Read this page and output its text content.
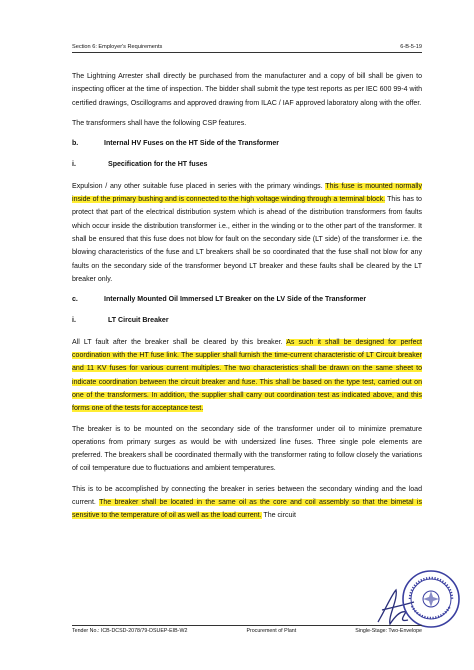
Section 6: Employer's Requirements	6-B-5-19

The Lightning Arrester shall directly be purchased from the manufacturer and a copy of bill shall be given to inspecting officer at the time of inspection. The bidder shall submit the type test reports as per IEC 600 99-4 with certified drawings, Oscillograms and approved drawing from ILAC / IAF approved laboratory along with the offer.

The transformers shall have the following CSP features.

b.	Internal HV Fuses on the HT Side of the Transformer
i.	Specification for the HT fuses

Expulsion / any other suitable fuse placed in series with the primary windings. This fuse is mounted normally inside of the primary bushing and is connected to the high voltage winding through a terminal block. This has to protect that part of the electrical distribution system which is ahead of the distribution transformers from faults which occur inside the distribution transformer i.e., either in the winding or to the other part of the transformer. It shall be ensured that this fuse does not blow for fault on the secondary side (LT side) of the transformer i.e. the blowing characteristics of the fuse and LT breakers shall be so coordinated that the fuse shall not blow for any faults on the secondary side of the transformer beyond LT breaker and these faults shall be cleared by the LT breaker only.

c.	Internally Mounted Oil Immersed LT Breaker on the LV Side of the Transformer
i.	LT Circuit Breaker

All LT fault after the breaker shall be cleared by this breaker. As such it shall be designed for perfect coordination with the HT fuse link. The supplier shall furnish the time-current characteristic of LT Circuit breaker and 11 KV fuses for various current multiples. The two characteristics shall be drawn on the same sheet to indicate coordination between the circuit breaker and fuse. This shall be based on the type test, carried out on one of the transformers. In addition, the supplier shall carry out coordination test as indicated above, and this forms one of the tests for acceptance test.

The breaker is to be mounted on the secondary side of the transformer under oil to minimize premature operations from primary surges as would be with undersized line fuses. Three single pole elements are preferred. The breakers shall be coordinated thermally with the transformer rating to follow closely the variations of coil temperature due to fluctuations and ambient temperatures.

This is to be accomplished by connecting the breaker in series between the secondary winding and the load current. The breaker shall be located in the same oil as the core and coil assembly so that the bimetal is sensitive to the temperature of oil as well as the load current. The circuit

Tender No.: ICB-DCSD-2078/79-DSUEP-EIB-W2	Procurement of Plant	Single-Stage: Two-Envelope
